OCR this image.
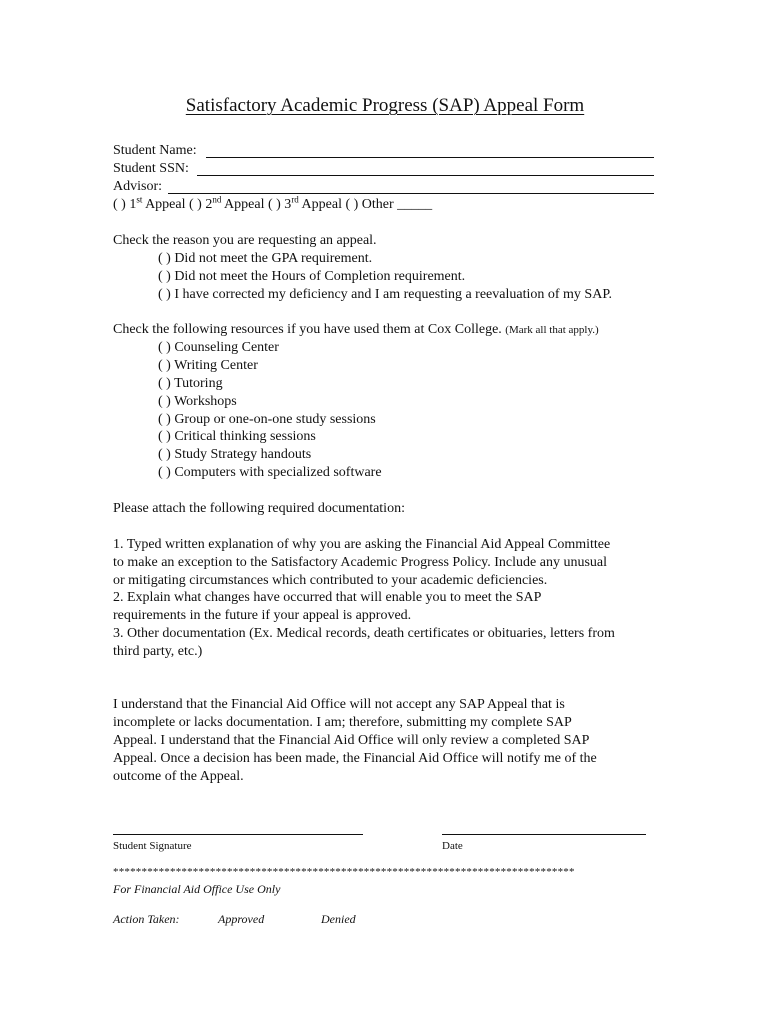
Satisfactory Academic Progress (SAP) Appeal Form
Student Name:
Student SSN:
Advisor:
( ) 1st Appeal ( ) 2nd Appeal ( ) 3rd Appeal ( ) Other _____
Check the reason you are requesting an appeal.
( ) Did not meet the GPA requirement.
( ) Did not meet the Hours of Completion requirement.
( ) I have corrected my deficiency and I am requesting a reevaluation of my SAP.
Check the following resources if you have used them at Cox College. (Mark all that apply.)
( ) Counseling Center
( ) Writing Center
( ) Tutoring
( ) Workshops
( ) Group or one-on-one study sessions
( ) Critical thinking sessions
( ) Study Strategy handouts
( ) Computers with specialized software
Please attach the following required documentation:
1. Typed written explanation of why you are asking the Financial Aid Appeal Committee
to make an exception to the Satisfactory Academic Progress Policy. Include any unusual
or mitigating circumstances which contributed to your academic deficiencies.
2. Explain what changes have occurred that will enable you to meet the SAP
requirements in the future if your appeal is approved.
3. Other documentation (Ex. Medical records, death certificates or obituaries, letters from
third party, etc.)
I understand that the Financial Aid Office will not accept any SAP Appeal that is
incomplete or lacks documentation. I am; therefore, submitting my complete SAP
Appeal. I understand that the Financial Aid Office will only review a completed SAP
Appeal. Once a decision has been made, the Financial Aid Office will notify me of the
outcome of the Appeal.
Student Signature	Date
*********************************************************************************
For Financial Aid Office Use Only
Action Taken:	Approved	Denied
